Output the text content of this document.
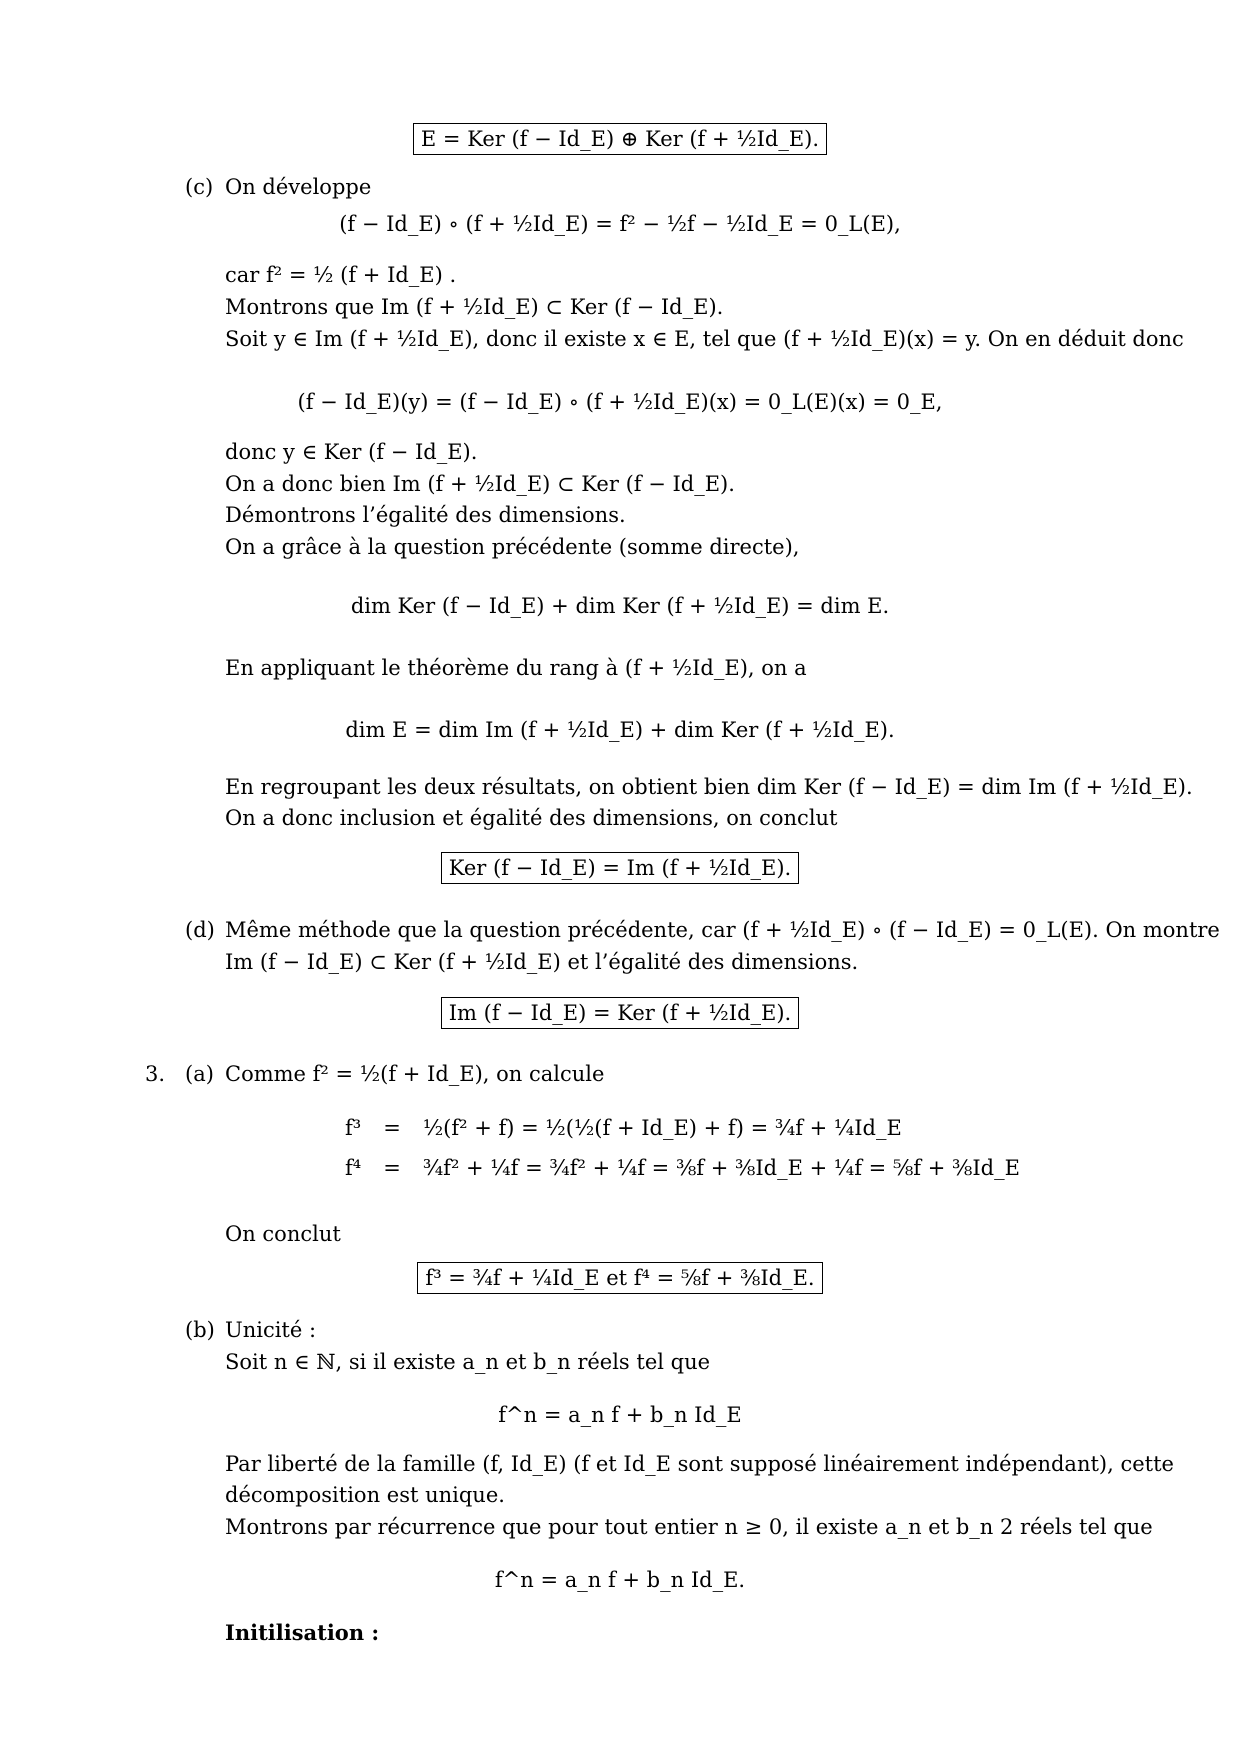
E = Ker (f − Id_E) ⊕ Ker (f + ½Id_E).
(c) On développe
(f − Id_E) ∘ (f + ½Id_E) = f² − ½f − ½Id_E = 0_L(E),
car f² = ½ (f + Id_E) .
Montrons que Im (f + ½Id_E) ⊂ Ker (f − Id_E).
Soit y ∈ Im (f + ½Id_E), donc il existe x ∈ E, tel que (f + ½Id_E)(x) = y. On en déduit donc
(f − Id_E)(y) = (f − Id_E) ∘ (f + ½Id_E)(x) = 0_L(E)(x) = 0_E,
donc y ∈ Ker (f − Id_E).
On a donc bien Im (f + ½Id_E) ⊂ Ker (f − Id_E).
Démontrons l’égalité des dimensions.
On a grâce à la question précédente (somme directe),
dim Ker (f − Id_E) + dim Ker (f + ½Id_E) = dim E.
En appliquant le théorème du rang à (f + ½Id_E), on a
dim E = dim Im (f + ½Id_E) + dim Ker (f + ½Id_E).
En regroupant les deux résultats, on obtient bien dim Ker (f − Id_E) = dim Im (f + ½Id_E).
On a donc inclusion et égalité des dimensions, on conclut
Ker (f − Id_E) = Im (f + ½Id_E).
(d) Même méthode que la question précédente, car (f + ½Id_E) ∘ (f − Id_E) = 0_L(E). On montre
Im (f − Id_E) ⊂ Ker (f + ½Id_E) et l’égalité des dimensions.
Im (f − Id_E) = Ker (f + ½Id_E).
3. (a) Comme f² = ½(f + Id_E), on calcule
f³	=	½(f² + f) = ½(½(f + Id_E) + f) = ¾f + ¼Id_E
f⁴	=	¾f² + ¼f = ¾f² + ¼f = ⅜f + ⅜Id_E + ¼f = ⅝f + ⅜Id_E
On conclut
f³ = ¾f + ¼Id_E et f⁴ = ⅝f + ⅜Id_E.
(b) Unicité :
Soit n ∈ ℕ, si il existe a_n et b_n réels tel que
f^n = a_n f + b_n Id_E
Par liberté de la famille (f, Id_E) (f et Id_E sont supposé linéairement indépendant), cette
décomposition est unique.
Montrons par récurrence que pour tout entier n ≥ 0, il existe a_n et b_n 2 réels tel que
f^n = a_n f + b_n Id_E.
Initilisation :
